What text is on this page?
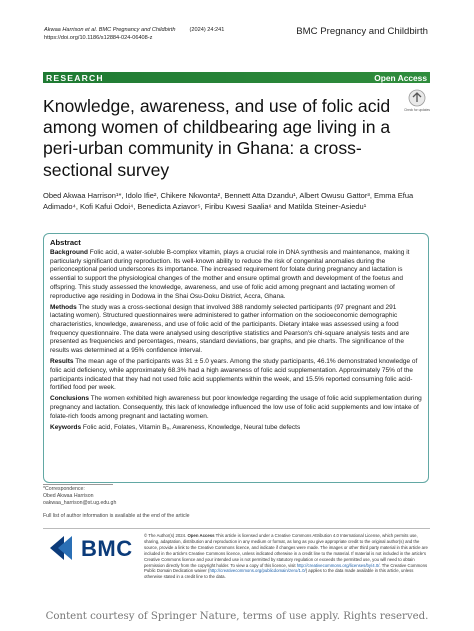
Akwaa Harrison et al. BMC Pregnancy and Childbirth	(2024) 24:241
https://doi.org/10.1186/s12884-024-06408-z
BMC Pregnancy and Childbirth
RESEARCH	Open Access
Check for updates
Knowledge, awareness, and use of folic acid among women of childbearing age living in a peri-urban community in Ghana: a cross-sectional survey
Obed Akwaa Harrison¹*, Idolo Ifie², Chikere Nkwonta², Bennett Atta Dzandu¹, Albert Owusu Gattor³, Emma Efua Adimado⁴, Kofi Kafui Odoi⁴, Benedicta Aziavor⁵, Firibu Kwesi Saalia⁶ and Matilda Steiner-Asiedu¹
Abstract

Background Folic acid, a water-soluble B-complex vitamin, plays a crucial role in DNA synthesis and maintenance, making it particularly significant during reproduction. Its well-known ability to reduce the risk of congenital anomalies during the periconceptional period underscores its importance. The increased requirement for folate during pregnancy and lactation is essential to support the physiological changes of the mother and ensure optimal growth and development of the foetus and offspring. This study assessed the knowledge, awareness, and use of folic acid among pregnant and lactating women of reproductive age residing in Dodowa in the Shai Osu-Doku District, Accra, Ghana.

Methods The study was a cross-sectional design that involved 388 randomly selected participants (97 pregnant and 291 lactating women). Structured questionnaires were administered to gather information on the socioeconomic demographic characteristics, knowledge, awareness, and use of folic acid of the participants. Dietary intake was assessed using a food frequency questionnaire. The data were analysed using descriptive statistics and Pearson's chi-square analysis tests and are presented as frequencies and percentages, means, standard deviations, bar graphs, and pie charts. The significance of the results was determined at a 95% confidence interval.

Results The mean age of the participants was 31 ± 5.0 years. Among the study participants, 46.1% demonstrated knowledge of folic acid deficiency, while approximately 68.3% had a high awareness of folic acid supplementation. Approximately 75% of the participants indicated that they had not used folic acid supplements within the week, and 15.5% reported consuming folic acid-fortified food per week.

Conclusions The women exhibited high awareness but poor knowledge regarding the usage of folic acid supplementation during pregnancy and lactation. Consequently, this lack of knowledge influenced the low use of folic acid supplements and low intake of folate-rich foods among pregnant and lactating women.

Keywords Folic acid, Folates, Vitamin B₉, Awareness, Knowledge, Neural tube defects

*Correspondence:
Obed Akwaa Harrison
oakwaa_harrison@st.ug.edu.gh
Full list of author information is available at the end of the article
BMC
© The Author(s) 2024. Open Access This article is licensed under a Creative Commons Attribution 4.0 International License, which permits use, sharing, adaptation, distribution and reproduction in any medium or format, as long as you give appropriate credit to the original author(s) and the source, provide a link to the Creative Commons licence, and indicate if changes were made. The images or other third party material in this article are included in the article's Creative Commons licence, unless indicated otherwise in a credit line to the material. If material is not included in the article's Creative Commons licence and your intended use is not permitted by statutory regulation or exceeds the permitted use, you will need to obtain permission directly from the copyright holder. To view a copy of this licence, visit http://creativecommons.org/licenses/by/4.0/. The Creative Commons Public Domain Dedication waiver (http://creativecommons.org/publicdomain/zero/1.0/) applies to the data made available in this article, unless otherwise stated in a credit line to the data.
Content courtesy of Springer Nature, terms of use apply. Rights reserved.
